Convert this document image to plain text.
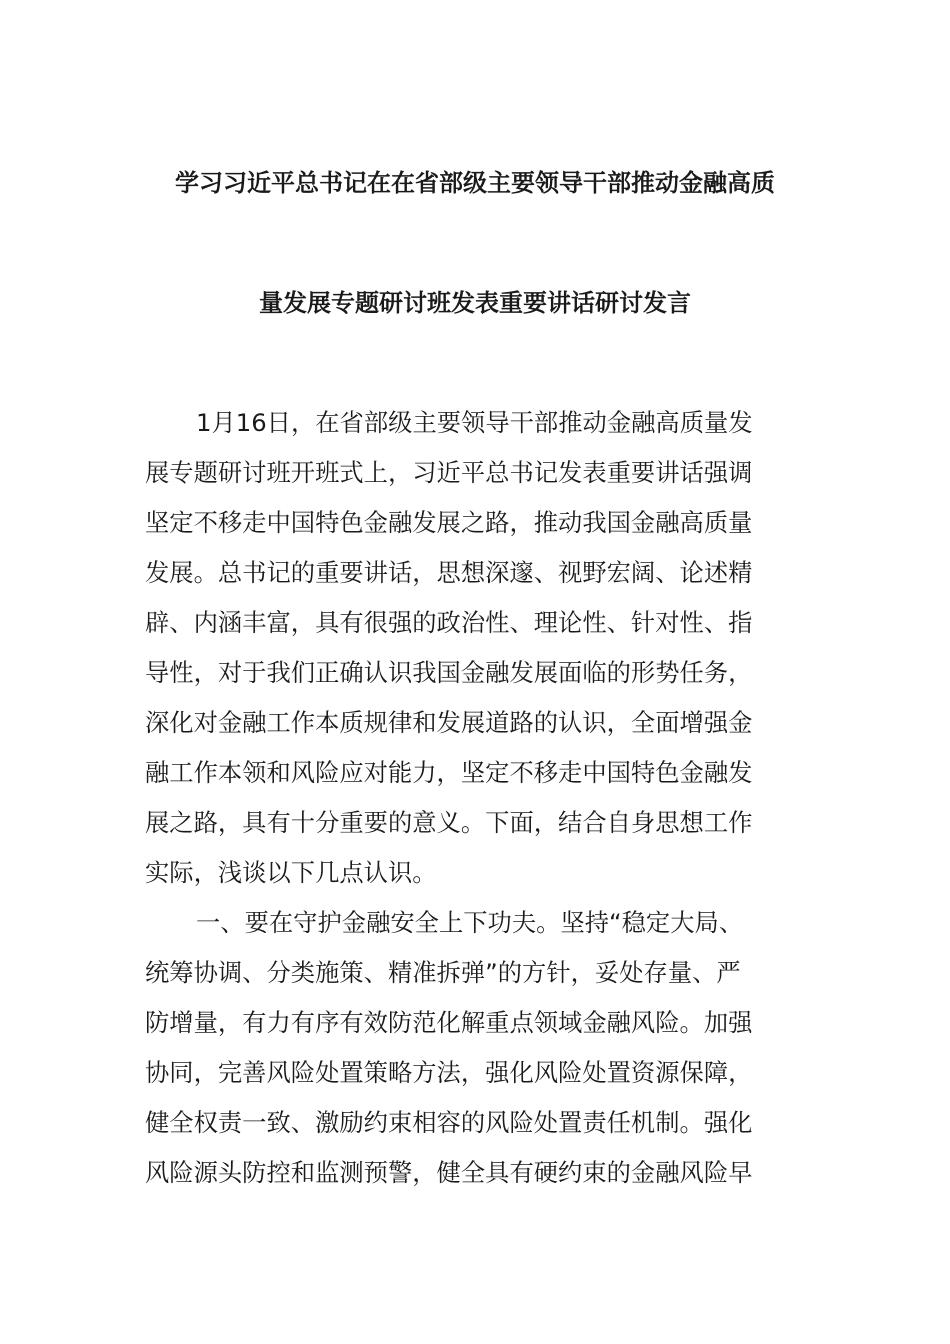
学习习近平总书记在在省部级主要领导干部推动金融高质
量发展专题研讨班发表重要讲话研讨发言
1月16日，在省部级主要领导干部推动金融高质量发
展专题研讨班开班式上，习近平总书记发表重要讲话强调
坚定不移走中国特色金融发展之路，推动我国金融高质量
发展。总书记的重要讲话，思想深邃、视野宏阔、论述精
辟、内涵丰富，具有很强的政治性、理论性、针对性、指
导性，对于我们正确认识我国金融发展面临的形势任务，
深化对金融工作本质规律和发展道路的认识，全面增强金
融工作本领和风险应对能力，坚定不移走中国特色金融发
展之路，具有十分重要的意义。下面，结合自身思想工作
实际，浅谈以下几点认识。
一、要在守护金融安全上下功夫。坚持“稳定大局、
统筹协调、分类施策、精准拆弹”的方针，妥处存量、严
防增量，有力有序有效防范化解重点领域金融风险。加强
协同，完善风险处置策略方法，强化风险处置资源保障，
健全权责一致、激励约束相容的风险处置责任机制。强化
风险源头防控和监测预警，健全具有硬约束的金融风险早
